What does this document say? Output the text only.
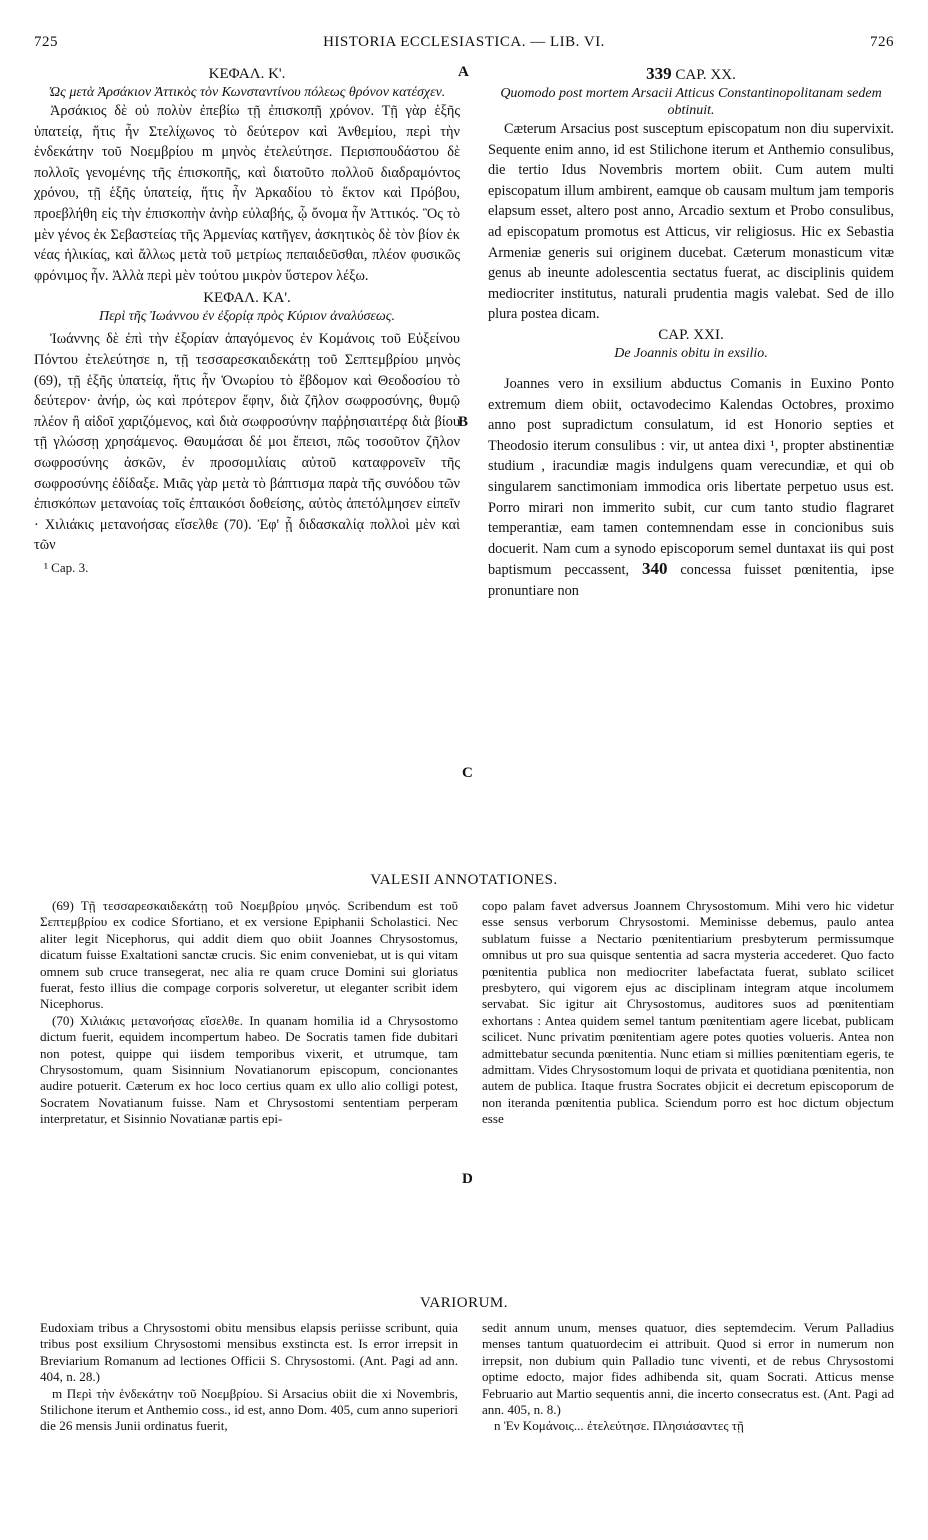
725	HISTORIA ECCLESIASTICA. — LIB. VI.	726
ΚΕΦΑΛ. Κ'.
Ὡς μετὰ Ἀρσάκιον Ἀττικὸς τὸν Κωνσταντίνου πόλεως θρόνον κατέσχεν.
Ἀρσάκιος δὲ οὐ πολὺν ἐπεβίω τῇ ἐπισκοπῇ χρόνον. Τῇ γὰρ ἑξῆς ὑπατείᾳ, ἥτις ἦν Στελίχωνος τὸ δεύτερον καὶ Ἀνθεμίου, περὶ τὴν ἑνδεκάτην τοῦ Νοεμβρίου m μηνὸς ἐτελεύτησε. Περισπουδάστου δὲ πολλοῖς γενομένης τῆς ἐπισκοπῆς, καὶ διατοῦτο πολλοῦ διαδραμόντος χρόνου, τῇ ἑξῆς ὑπατείᾳ, ἥτις ἦν Ἀρκαδίου τὸ ἕκτον καὶ Πρόβου, προεβλήθη εἰς τὴν ἐπισκοπὴν ἀνὴρ εὐλαβής, ᾧ ὄνομα ἦν Ἀττικός. Ὃς τὸ μὲν γένος ἐκ Σεβαστείας τῆς Ἀρμενίας κατῆγεν, ἀσκητικὸς δὲ τὸν βίον ἐκ νέας ἡλικίας, καὶ ἄλλως μετὰ τοῦ μετρίως πεπαιδεῦσθαι, πλέον φυσικῶς φρόνιμος ἦν. Ἀλλὰ περὶ μὲν τούτου μικρὸν ὕστερον λέξω.
ΚΕΦΑΛ. ΚΑ'.
Περὶ τῆς Ἰωάννου ἐν ἐξορίᾳ πρὸς Κύριον ἀναλύσεως.
Ἰωάννης δὲ ἐπὶ τὴν ἐξορίαν ἀπαγόμενος ἐν Κομάνοις τοῦ Εὐξείνου Πόντου ἐτελεύτησε n, τῇ τεσσαρεσκαιδεκάτῃ τοῦ Σεπτεμβρίου μηνὸς (69), τῇ ἑξῆς ὑπατείᾳ, ἥτις ἦν Ὁνωρίου τὸ ἕβδομον καὶ Θεοδοσίου τὸ δεύτερον· ἀνήρ, ὡς καὶ πρότερον ἔφην, διὰ ζῆλον σωφροσύνης, θυμῷ πλέον ἢ αἰδοῖ χαριζόμενος, καὶ διὰ σωφροσύνην παῤῥησιαιτέρᾳ διὰ βίου τῇ γλώσσῃ χρησάμενος. Θαυμάσαι δέ μοι ἔπεισι, πῶς τοσοῦτον ζῆλον σωφροσύνης ἀσκῶν, ἐν προσομιλίαις αὐτοῦ καταφρονεῖν τῆς σωφροσύνης ἐδίδαξε. Μιᾶς γὰρ μετὰ τὸ βάπτισμα παρὰ τῆς συνόδου τῶν ἐπισκόπων μετανοίας τοῖς ἐπταικόσι δοθείσης, αὐτὸς ἀπετόλμησεν εἰπεῖν · Χιλιάκις μετανοήσας εἴσελθε (70). Ἐφ' ᾗ διδασκαλίᾳ πολλοὶ μὲν καὶ τῶν
¹ Cap. 3.
A
B
C
D
339 CAP. XX.
Quomodo post mortem Arsacii Atticus Constantinopolitanam sedem obtinuit.
Cæterum Arsacius post susceptum episcopatum non diu supervixit. Sequente enim anno, id est Stilichone iterum et Anthemio consulibus, die tertio Idus Novembris mortem obiit. Cum autem multi episcopatum illum ambirent, eamque ob causam multum jam temporis elapsum esset, altero post anno, Arcadio sextum et Probo consulibus, ad episcopatum promotus est Atticus, vir religiosus. Hic ex Sebastia Armeniæ generis sui originem ducebat. Cæterum monasticum vitæ genus ab ineunte adolescentia sectatus fuerat, ac disciplinis quidem mediocriter institutus, naturali prudentia magis valebat. Sed de illo plura postea dicam.
CAP. XXI.
De Joannis obitu in exsilio.
Joannes vero in exsilium abductus Comanis in Euxino Ponto extremum diem obiit, octavodecimo Kalendas Octobres, proximo anno post supradictum consulatum, id est Honorio septies et Theodosio iterum consulibus : vir, ut antea dixi ¹, propter abstinentiæ studium , iracundiæ magis indulgens quam verecundiæ, et qui ob singularem sanctimoniam immodica oris libertate perpetuo usus est. Porro mirari non immerito subit, cur cum tanto studio flagraret temperantiæ, eam tamen contemnendam esse in concionibus suis docuerit. Nam cum a synodo episcoporum semel duntaxat iis qui post baptismum peccassent, 340 concessa fuisset pœnitentia, ipse pronuntiare non
VALESII ANNOTATIONES.

(69) Τῇ τεσσαρεσκαιδεκάτῃ τοῦ Νοεμβρίου μηνός. Scribendum est τοῦ Σεπτεμβρίου ex codice Sfortiano, et ex versione Epiphanii Scholastici. Nec aliter legit Nicephorus, qui addit diem quo obiit Joannes Chrysostomus, dicatum fuisse Exaltationi sanctæ crucis. Sic enim conveniebat, ut is qui vitam omnem sub cruce transegerat, nec alia re quam cruce Domini sui gloriatus fuerat, festo illius die compage corporis solveretur, ut eleganter scribit idem Nicephorus.

(70) Χιλιάκις μετανοήσας εἴσελθε. In quanam homilia id a Chrysostomo dictum fuerit, equidem incompertum habeo. De Socratis tamen fide dubitari non potest, quippe qui iisdem temporibus vixerit, et utrumque, tam Chrysostomum, quam Sisinnium Novatianorum episcopum, concionantes audire potuerit. Cæterum ex hoc loco certius quam ex ullo alio colligi potest, Socratem Novatianum fuisse. Nam et Chrysostomi sententiam perperam interpretatur, et Sisinnio Novatianæ partis epi-

copo palam favet adversus Joannem Chrysostomum. Mihi vero hic videtur esse sensus verborum Chrysostomi. Meminisse debemus, paulo antea sublatum fuisse a Nectario pœnitentiarium presbyterum permissumque omnibus ut pro sua quisque sententia ad sacra mysteria accederet. Quo facto pœnitentia publica non mediocriter labefactata fuerat, sublato scilicet presbytero, qui vigorem ejus ac disciplinam integram atque incolumem servabat. Sic igitur ait Chrysostomus, auditores suos ad pœnitentiam exhortans : Antea quidem semel tantum pœnitentiam agere licebat, publicam scilicet. Nunc privatim pœnitentiam agere potes quoties volueris. Antea non admittebatur secunda pœnitentia. Nunc etiam si millies pœnitentiam egeris, te admittam. Vides Chrysostomum loqui de privata et quotidiana pœnitentia, non autem de publica. Itaque frustra Socrates objicit ei decretum episcoporum de non iteranda pœnitentia publica. Sciendum porro est hoc dictum objectum esse

VARIORUM.

Eudoxiam tribus a Chrysostomi obitu mensibus elapsis periisse scribunt, quia tribus post exsilium Chrysostomi mensibus exstincta est. Is error irrepsit in Breviarium Romanum ad lectiones Officii S. Chrysostomi. (Ant. Pagi ad ann. 404, n. 28.)

m Περὶ τὴν ἑνδεκάτην τοῦ Νοεμβρίου. Si Arsacius obiit die xi Novembris, Stilichone iterum et Anthemio coss., id est, anno Dom. 405, cum anno superiori die 26 mensis Junii ordinatus fuerit,

sedit annum unum, menses quatuor, dies septemdecim. Verum Palladius menses tantum quatuordecim ei attribuit. Quod si error in numerum non irrepsit, non dubium quin Palladio tunc viventi, et de rebus Chrysostomi optime edocto, major fides adhibenda sit, quam Socrati. Atticus mense Februario aut Martio sequentis anni, die incerto consecratus est. (Ant. Pagi ad ann. 405, n. 8.)

n Ἐν Κομάνοις... ἐτελεύτησε. Πλησιάσαντες τῇ
